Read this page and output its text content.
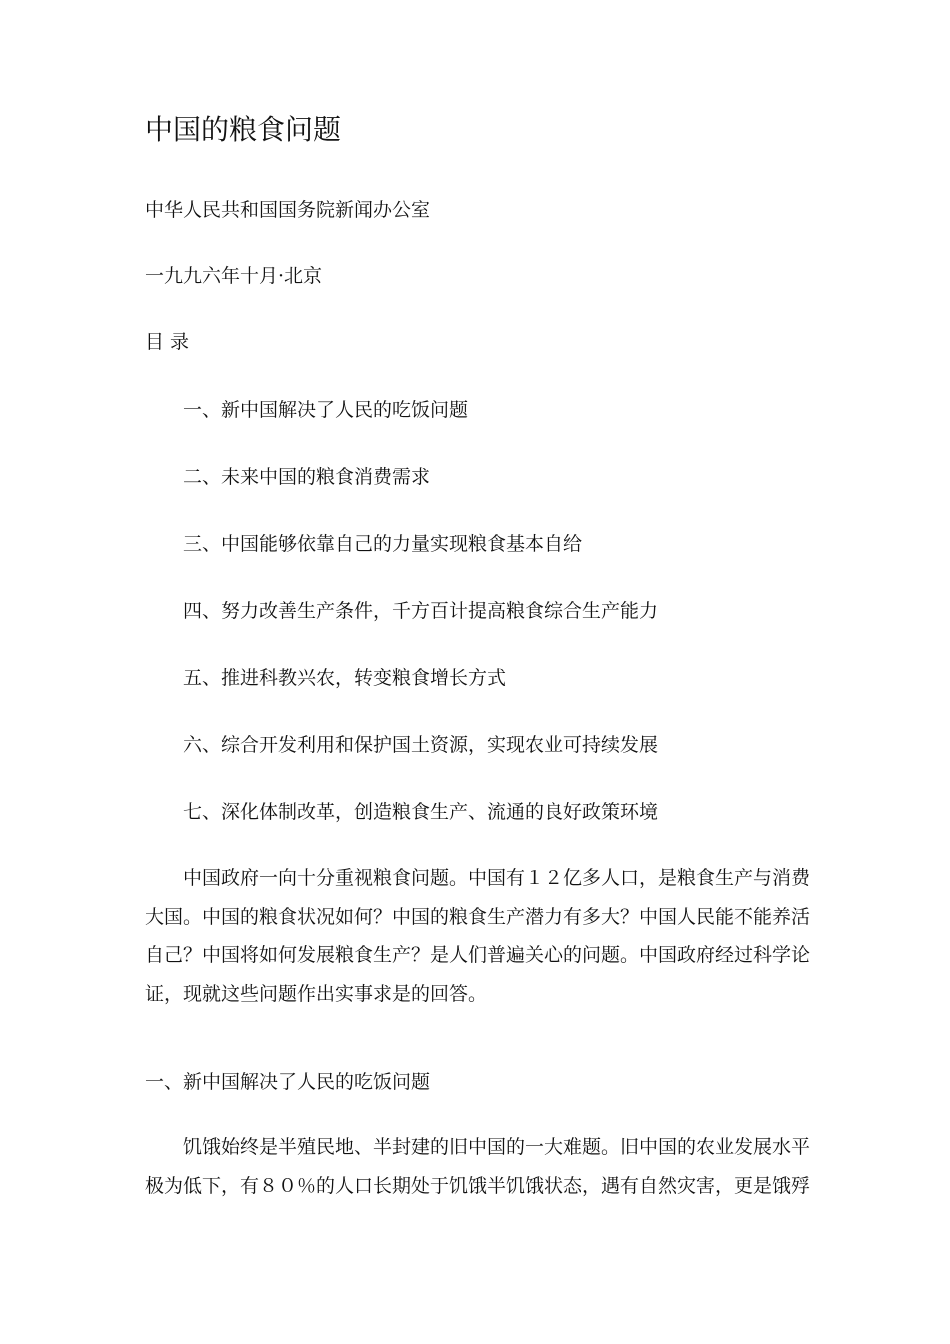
中国的粮食问题
中华人民共和国国务院新闻办公室
一九九六年十月·北京
目 录
一、新中国解决了人民的吃饭问题
二、未来中国的粮食消费需求
三、中国能够依靠自己的力量实现粮食基本自给
四、努力改善生产条件，千方百计提高粮食综合生产能力
五、推进科教兴农，转变粮食增长方式
六、综合开发利用和保护国土资源，实现农业可持续发展
七、深化体制改革，创造粮食生产、流通的良好政策环境

中国政府一向十分重视粮食问题。中国有１２亿多人口，是粮食生产与消费大国。中国的粮食状况如何？中国的粮食生产潜力有多大？中国人民能不能养活自己？中国将如何发展粮食生产？是人们普遍关心的问题。中国政府经过科学论证，现就这些问题作出实事求是的回答。

一、新中国解决了人民的吃饭问题

饥饿始终是半殖民地、半封建的旧中国的一大难题。旧中国的农业发展水平极为低下，有８０％的人口长期处于饥饿半饥饿状态，遇有自然灾害，更是饿殍
